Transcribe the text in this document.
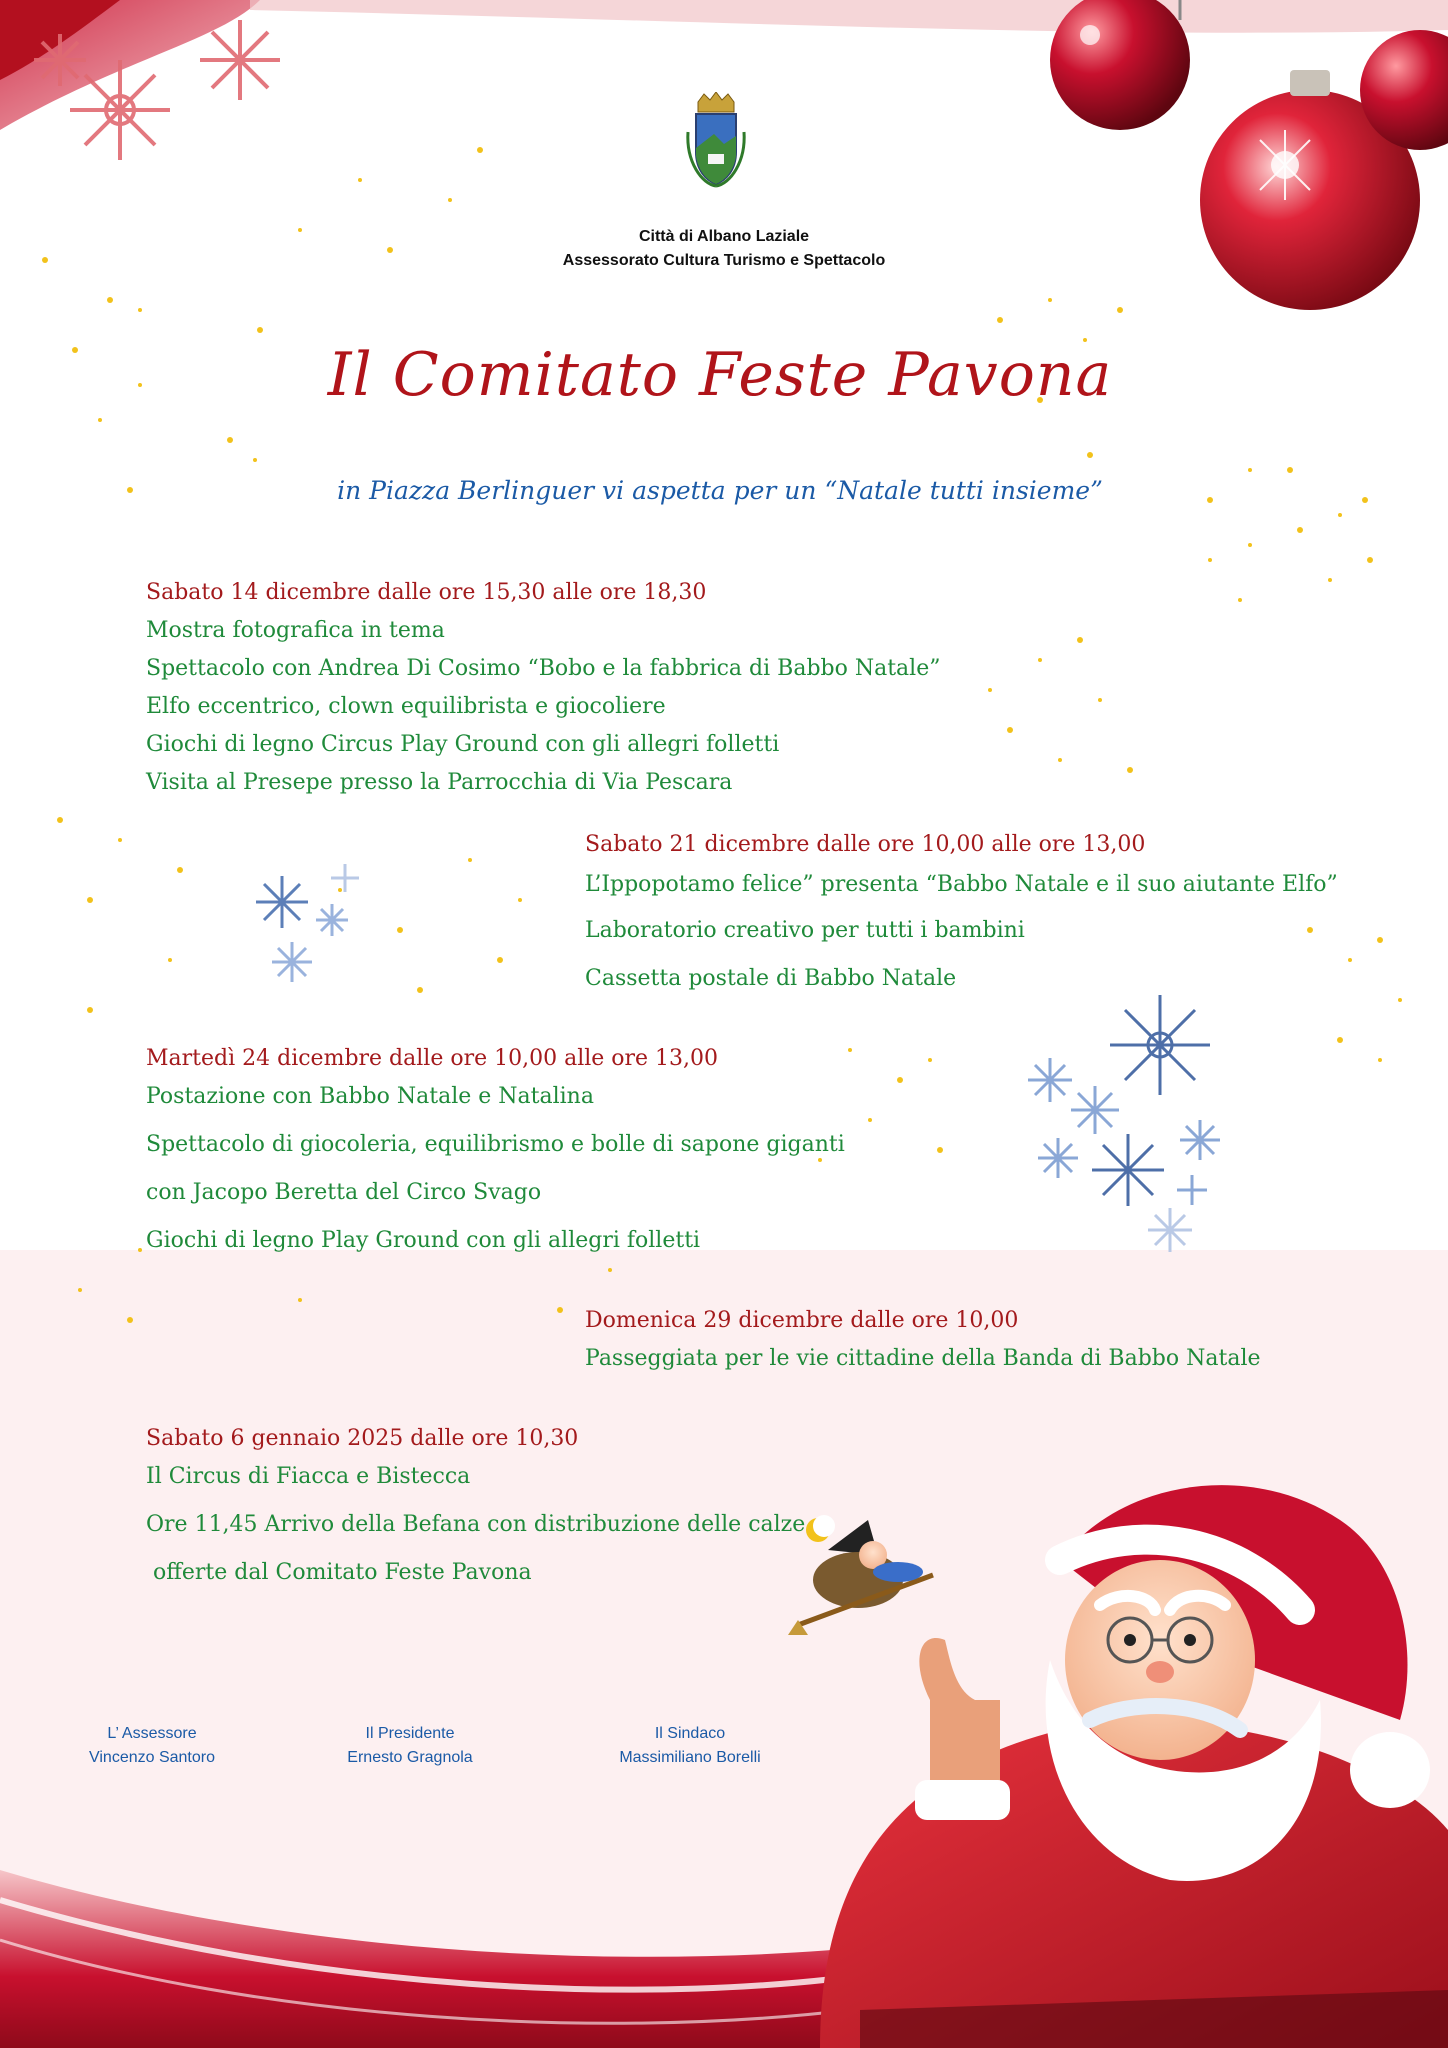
Città di Albano Laziale
Assessorato Cultura Turismo e Spettacolo
Il Comitato Feste Pavona
in Piazza Berlinguer vi aspetta per un “Natale tutti insieme”
Sabato 14 dicembre dalle ore 15,30 alle ore 18,30
Mostra fotografica in tema
Spettacolo con Andrea Di Cosimo “Bobo e la fabbrica di Babbo Natale”
Elfo eccentrico, clown equilibrista e giocoliere
Giochi di legno Circus Play Ground con gli allegri folletti
Visita al Presepe presso la Parrocchia di Via Pescara
Sabato 21 dicembre dalle ore 10,00 alle ore 13,00
L’Ippopotamo felice” presenta “Babbo Natale e il suo aiutante Elfo”
Laboratorio creativo per tutti i bambini
Cassetta postale di Babbo Natale
Martedì 24 dicembre dalle ore 10,00 alle ore 13,00
Postazione con Babbo Natale e Natalina
Spettacolo di giocoleria, equilibrismo e bolle di sapone giganti
con Jacopo Beretta del Circo Svago
Giochi di legno Play Ground con gli allegri folletti
Domenica 29 dicembre dalle ore 10,00
Passeggiata per le vie cittadine della Banda di Babbo Natale
Sabato 6 gennaio 2025 dalle ore 10,30
Il Circus di Fiacca e Bistecca
Ore 11,45 Arrivo della Befana con distribuzione delle calze
offerte dal Comitato Feste Pavona
L’ Assessore
Vincenzo Santoro
Il Presidente
Ernesto Gragnola
Il Sindaco
Massimiliano Borelli
